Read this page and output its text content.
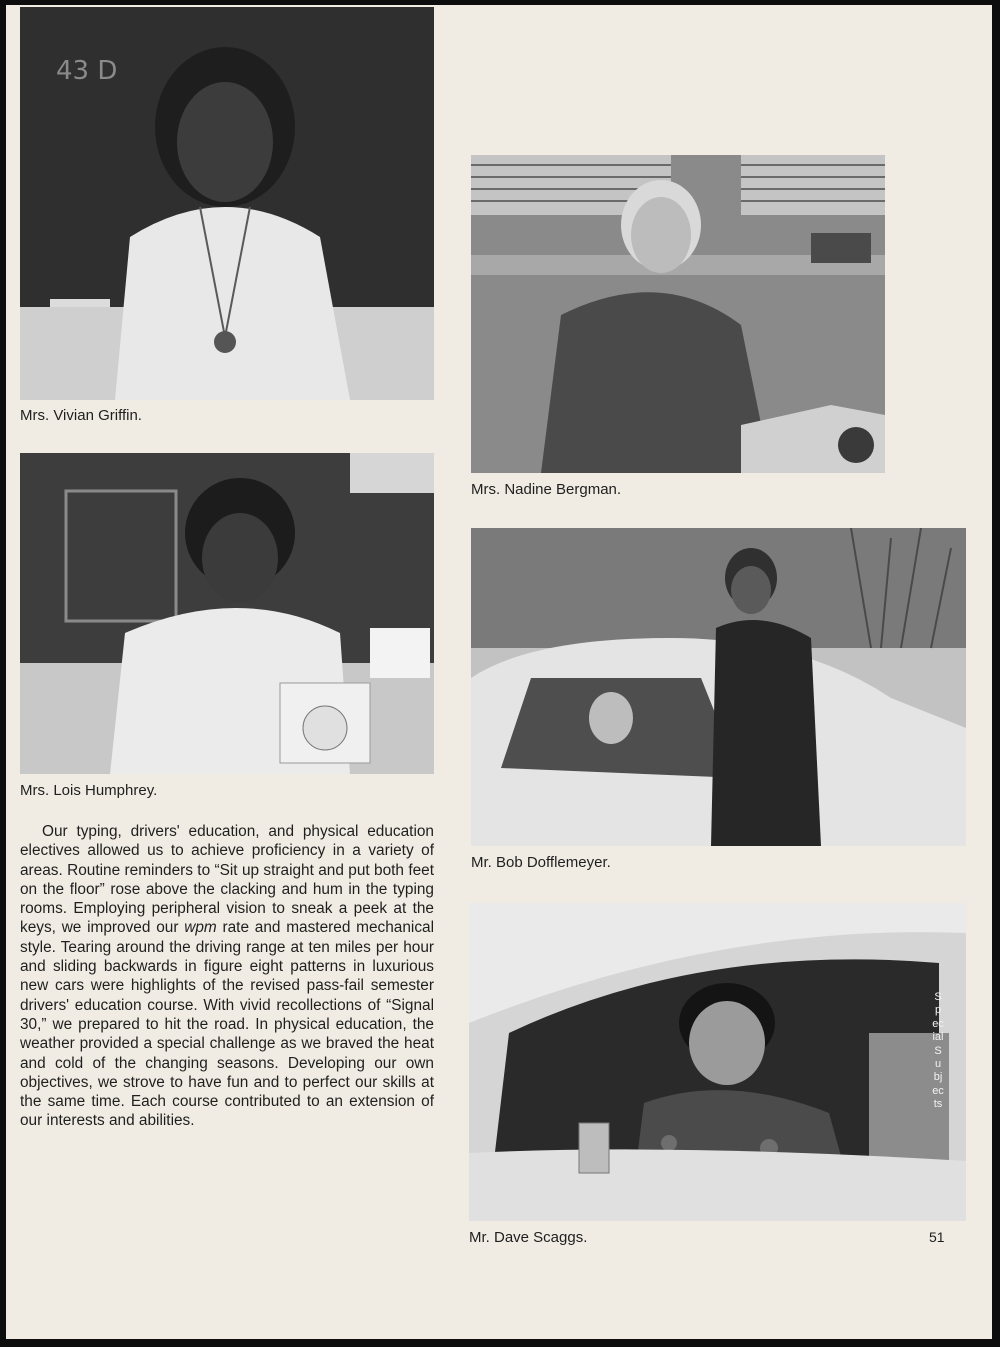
43 D
Mrs. Vivian Griffin.
Mrs. Nadine Bergman.
Mrs. Lois Humphrey.
Mr. Bob Dofflemeyer.
Special Subjects
Mr. Dave Scaggs.

Our typing, drivers' education, and physical education electives allowed us to achieve proficiency in a variety of areas. Routine reminders to “Sit up straight and put both feet on the floor” rose above the clacking and hum in the typing rooms. Employing peripheral vision to sneak a peek at the keys, we improved our wpm rate and mastered mechanical style. Tearing around the driving range at ten miles per hour and sliding backwards in figure eight patterns in luxurious new cars were highlights of the revised pass-fail semester drivers' education course. With vivid recollections of “Signal 30,” we prepared to hit the road. In physical education, the weather provided a special challenge as we braved the heat and cold of the changing seasons. Developing our own objectives, we strove to have fun and to perfect our skills at the same time. Each course contributed to an extension of our interests and abilities.

51
